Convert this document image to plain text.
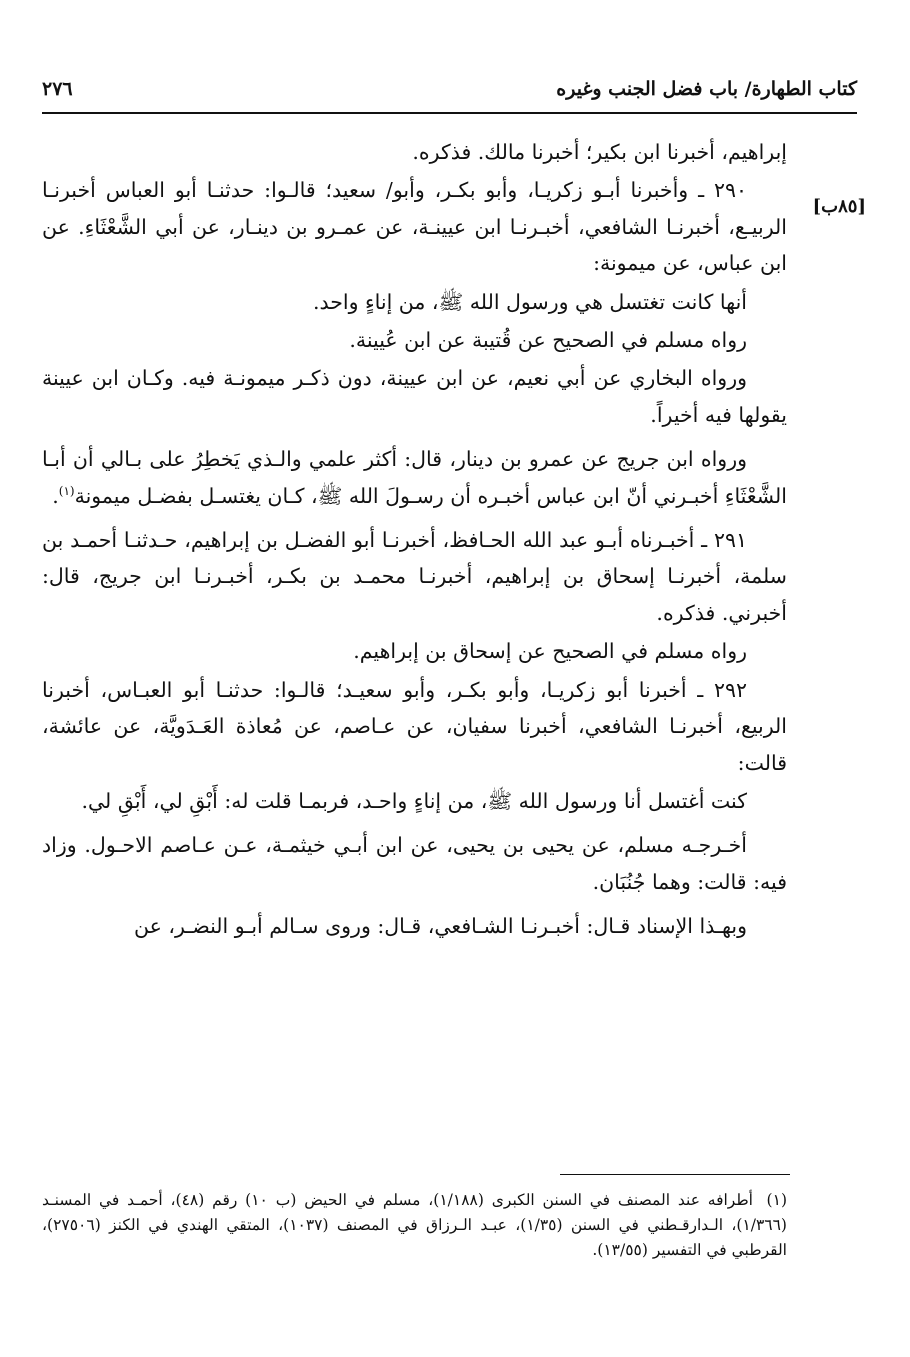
كتاب الطهارة/ باب فضل الجنب وغيره
٢٧٦
[٨٥ب]

إبراهيم، أخبرنا ابن بكير؛ أخبرنا مالك. فذكره.

٢٩٠ ـ وأخبرنا أبـو زكريـا، وأبو بكـر، وأبو/ سعيد؛ قالـوا: حدثنـا أبو العباس أخبرنـا الربيـع، أخبرنـا الشافعي، أخبـرنـا ابن عيينـة، عن عمـرو بن دينـار، عن أبي الشَّعْثَاءِ. عن ابن عباس، عن ميمونة:

أنها كانت تغتسل هي ورسول الله ﷺ، من إناءٍ واحد.

رواه مسلم في الصحيح عن قُتيبة عن ابن عُيينة.

ورواه البخاري عن أبي نعيم، عن ابن عيينة، دون ذكـر ميمونـة فيه. وكـان ابن عيينة يقولها فيه أخيراً.

ورواه ابن جريج عن عمرو بن دينار، قال: أكثر علمي والـذي يَخطِرُ على بـالي أن أبـا الشَّعْثَاءِ أخبـرني أنّ ابن عباس أخبـره أن رسـولَ الله ﷺ، كـان يغتسـل بفضـل ميمونة$^{(١)}$.

٢٩١ ـ أخبـرناه أبـو عبد الله الحـافظ، أخبرنـا أبو الفضـل بن إبراهيم، حـدثنـا أحمـد بن سلمة، أخبرنـا إسحاق بن إبراهيم، أخبرنـا محمـد بن بكـر، أخبـرنـا ابن جريج، قال: أخبرني. فذكره.

رواه مسلم في الصحيح عن إسحاق بن إبراهيم.

٢٩٢ ـ أخبرنا أبو زكريـا، وأبو بكـر، وأبو سعيـد؛ قالـوا: حدثنـا أبو العبـاس، أخبرنا الربيع، أخبرنـا الشافعي، أخبرنا سفيان، عن عـاصم، عن مُعاذة العَـدَويَّة، عن عائشة، قالت:

كنت أغتسل أنا ورسول الله ﷺ، من إناءٍ واحـد، فربمـا قلت له: أَبْقِ لي، أَبْقِ لي.

أخـرجـه مسلم، عن يحيى بن يحيى، عن ابن أبـي خيثمـة، عـن عـاصم الاحـول. وزاد فيه: قالت: وهما جُنُبَان.

وبهـذا الإسناد قـال: أخبـرنـا الشـافعي، قـال: وروى سـالم أبـو النضـر، عن

(١)أطرافه عند المصنف في السنن الكبرى (١/١٨٨)، مسلم في الحيض (ب ١٠) رقم (٤٨)، أحمـد في المسنـد (١/٣٦٦)، الـدارقـطني في السنن (١/٣٥)، عبـد الـرزاق في المصنف (١٠٣٧)، المتقي الهندي في الكنز (٢٧٥٠٦)، القرطبي في التفسير (١٣/٥٥).
